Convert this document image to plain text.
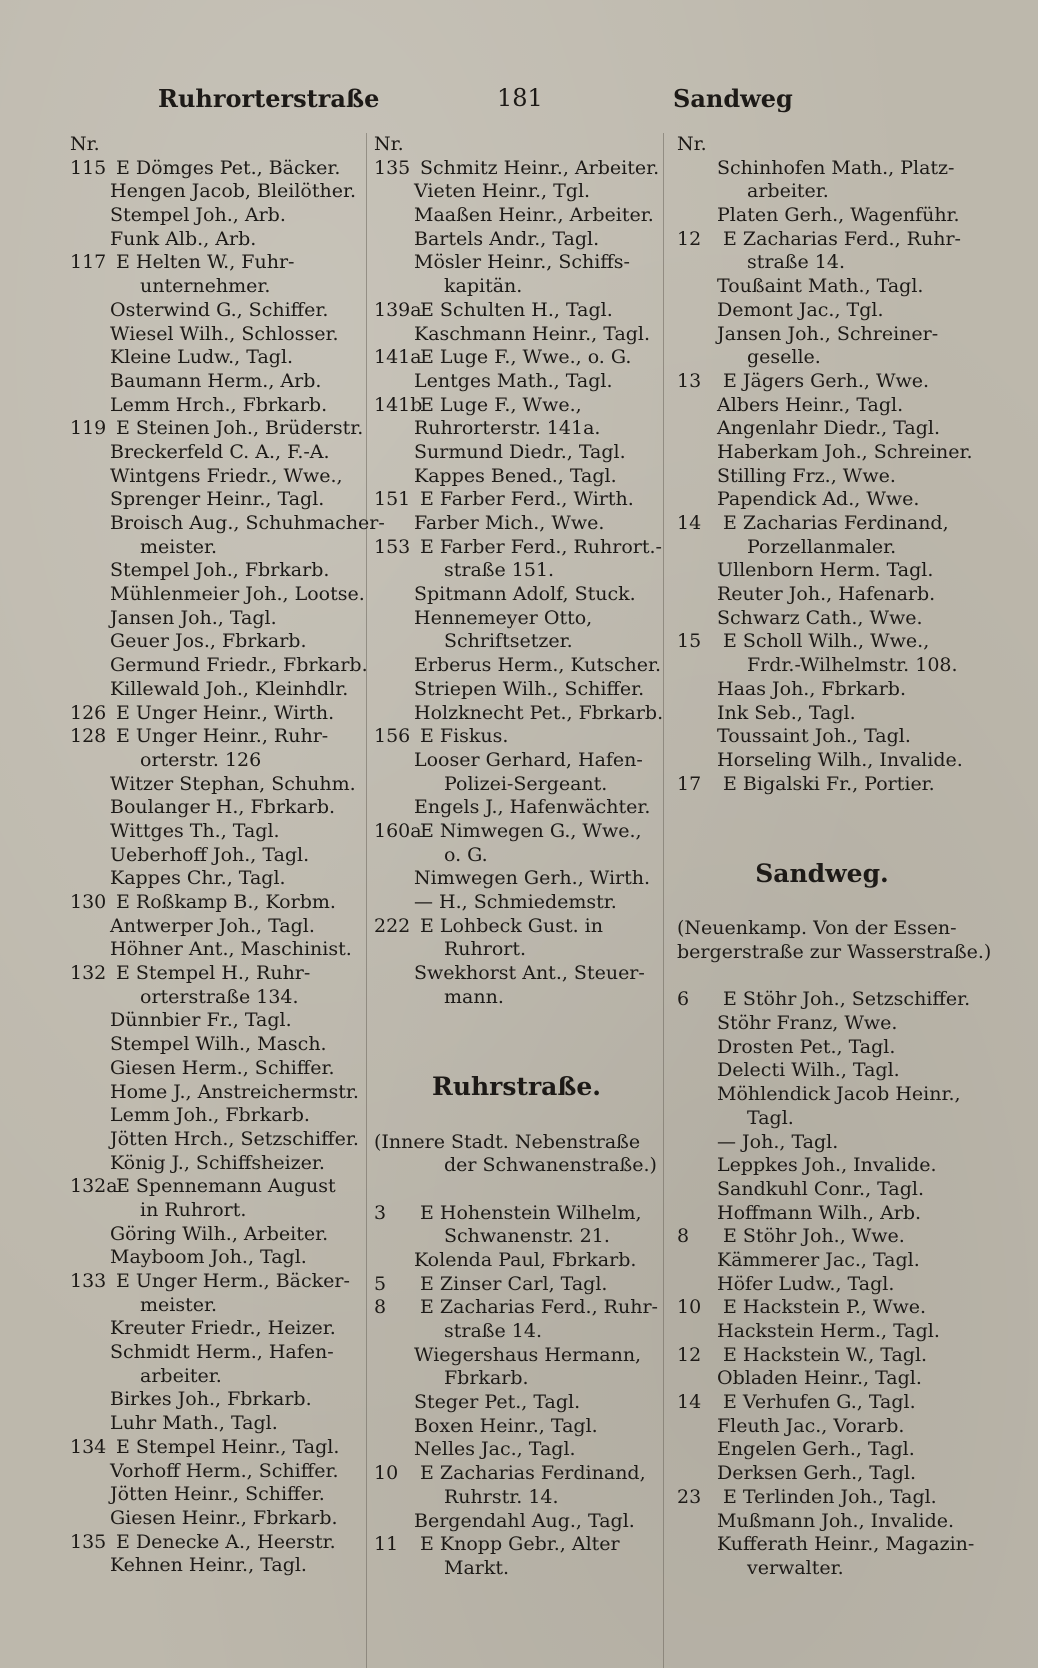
Ruhrorterstraße	181	Sandweg
Nr.
115 E Dömges Pet., Bäcker.
Hengen Jacob, Bleilöther.
Stempel Joh., Arb.
Funk Alb., Arb.
117 E Helten W., Fuhr-
unternehmer.
Osterwind G., Schiffer.
Wiesel Wilh., Schlosser.
Kleine Ludw., Tagl.
Baumann Herm., Arb.
Lemm Hrch., Fbrkarb.
119 E Steinen Joh., Brüderstr.
Breckerfeld C. A., F.-A.
Wintgens Friedr., Wwe.,
Sprenger Heinr., Tagl.
Broisch Aug., Schuhmacher-
meister.
Stempel Joh., Fbrkarb.
Mühlenmeier Joh., Lootse.
Jansen Joh., Tagl.
Geuer Jos., Fbrkarb.
Germund Friedr., Fbrkarb.
Killewald Joh., Kleinhdlr.
126 E Unger Heinr., Wirth.
128 E Unger Heinr., Ruhr-
orterstr. 126
Witzer Stephan, Schuhm.
Boulanger H., Fbrkarb.
Wittges Th., Tagl.
Ueberhoff Joh., Tagl.
Kappes Chr., Tagl.
130 E Roßkamp B., Korbm.
Antwerper Joh., Tagl.
Höhner Ant., Maschinist.
132 E Stempel H., Ruhr-
orterstraße 134.
Dünnbier Fr., Tagl.
Stempel Wilh., Masch.
Giesen Herm., Schiffer.
Home J., Anstreichermstr.
Lemm Joh., Fbrkarb.
Jötten Hrch., Setzschiffer.
König J., Schiffsheizer.
132aE Spennemann August
in Ruhrort.
Göring Wilh., Arbeiter.
Mayboom Joh., Tagl.
133 E Unger Herm., Bäcker-
meister.
Kreuter Friedr., Heizer.
Schmidt Herm., Hafen-
arbeiter.
Birkes Joh., Fbrkarb.
Luhr Math., Tagl.
134 E Stempel Heinr., Tagl.
Vorhoff Herm., Schiffer.
Jötten Heinr., Schiffer.
Giesen Heinr., Fbrkarb.
135 E Denecke A., Heerstr.
Kehnen Heinr., Tagl.
Nr.
135 Schmitz Heinr., Arbeiter.
Vieten Heinr., Tgl.
Maaßen Heinr., Arbeiter.
Bartels Andr., Tagl.
Mösler Heinr., Schiffs-
kapitän.
139aE Schulten H., Tagl.
Kaschmann Heinr., Tagl.
141aE Luge F., Wwe., o. G.
Lentges Math., Tagl.
141bE Luge F., Wwe.,
Ruhrorterstr. 141a.
Surmund Diedr., Tagl.
Kappes Bened., Tagl.
151 E Farber Ferd., Wirth.
Farber Mich., Wwe.
153 E Farber Ferd., Ruhrort.-
straße 151.
Spitmann Adolf, Stuck.
Hennemeyer Otto,
Schriftsetzer.
Erberus Herm., Kutscher.
Striepen Wilh., Schiffer.
Holzknecht Pet., Fbrkarb.
156 E Fiskus.
Looser Gerhard, Hafen-
Polizei-Sergeant.
Engels J., Hafenwächter.
160aE Nimwegen G., Wwe.,
o. G.
Nimwegen Gerh., Wirth.
— H., Schmiedemstr.
222 E Lohbeck Gust. in
Ruhrort.
Swekhorst Ant., Steuer-
mann.
Ruhrstraße.
(Innere Stadt. Nebenstraße
der Schwanenstraße.)
3 E Hohenstein Wilhelm,
Schwanenstr. 21.
Kolenda Paul, Fbrkarb.
5 E Zinser Carl, Tagl.
8 E Zacharias Ferd., Ruhr-
straße 14.
Wiegershaus Hermann,
Fbrkarb.
Steger Pet., Tagl.
Boxen Heinr., Tagl.
Nelles Jac., Tagl.
10 E Zacharias Ferdinand,
Ruhrstr. 14.
Bergendahl Aug., Tagl.
11 E Knopp Gebr., Alter
Markt.
Nr.
Schinhofen Math., Platz-
arbeiter.
Platen Gerh., Wagenführ.
12 E Zacharias Ferd., Ruhr-
straße 14.
Toußaint Math., Tagl.
Demont Jac., Tgl.
Jansen Joh., Schreiner-
geselle.
13 E Jägers Gerh., Wwe.
Albers Heinr., Tagl.
Angenlahr Diedr., Tagl.
Haberkam Joh., Schreiner.
Stilling Frz., Wwe.
Papendick Ad., Wwe.
14 E Zacharias Ferdinand,
Porzellanmaler.
Ullenborn Herm. Tagl.
Reuter Joh., Hafenarb.
Schwarz Cath., Wwe.
15 E Scholl Wilh., Wwe.,
Frdr.-Wilhelmstr. 108.
Haas Joh., Fbrkarb.
Ink Seb., Tagl.
Toussaint Joh., Tagl.
Horseling Wilh., Invalide.
17 E Bigalski Fr., Portier.
Sandweg.
(Neuenkamp. Von der Essen-
bergerstraße zur Wasserstraße.)
6 E Stöhr Joh., Setzschiffer.
Stöhr Franz, Wwe.
Drosten Pet., Tagl.
Delecti Wilh., Tagl.
Möhlendick Jacob Heinr.,
Tagl.
— Joh., Tagl.
Leppkes Joh., Invalide.
Sandkuhl Conr., Tagl.
Hoffmann Wilh., Arb.
8 E Stöhr Joh., Wwe.
Kämmerer Jac., Tagl.
Höfer Ludw., Tagl.
10 E Hackstein P., Wwe.
Hackstein Herm., Tagl.
12 E Hackstein W., Tagl.
Obladen Heinr., Tagl.
14 E Verhufen G., Tagl.
Fleuth Jac., Vorarb.
Engelen Gerh., Tagl.
Derksen Gerh., Tagl.
23 E Terlinden Joh., Tagl.
Mußmann Joh., Invalide.
Kufferath Heinr., Magazin-
verwalter.
